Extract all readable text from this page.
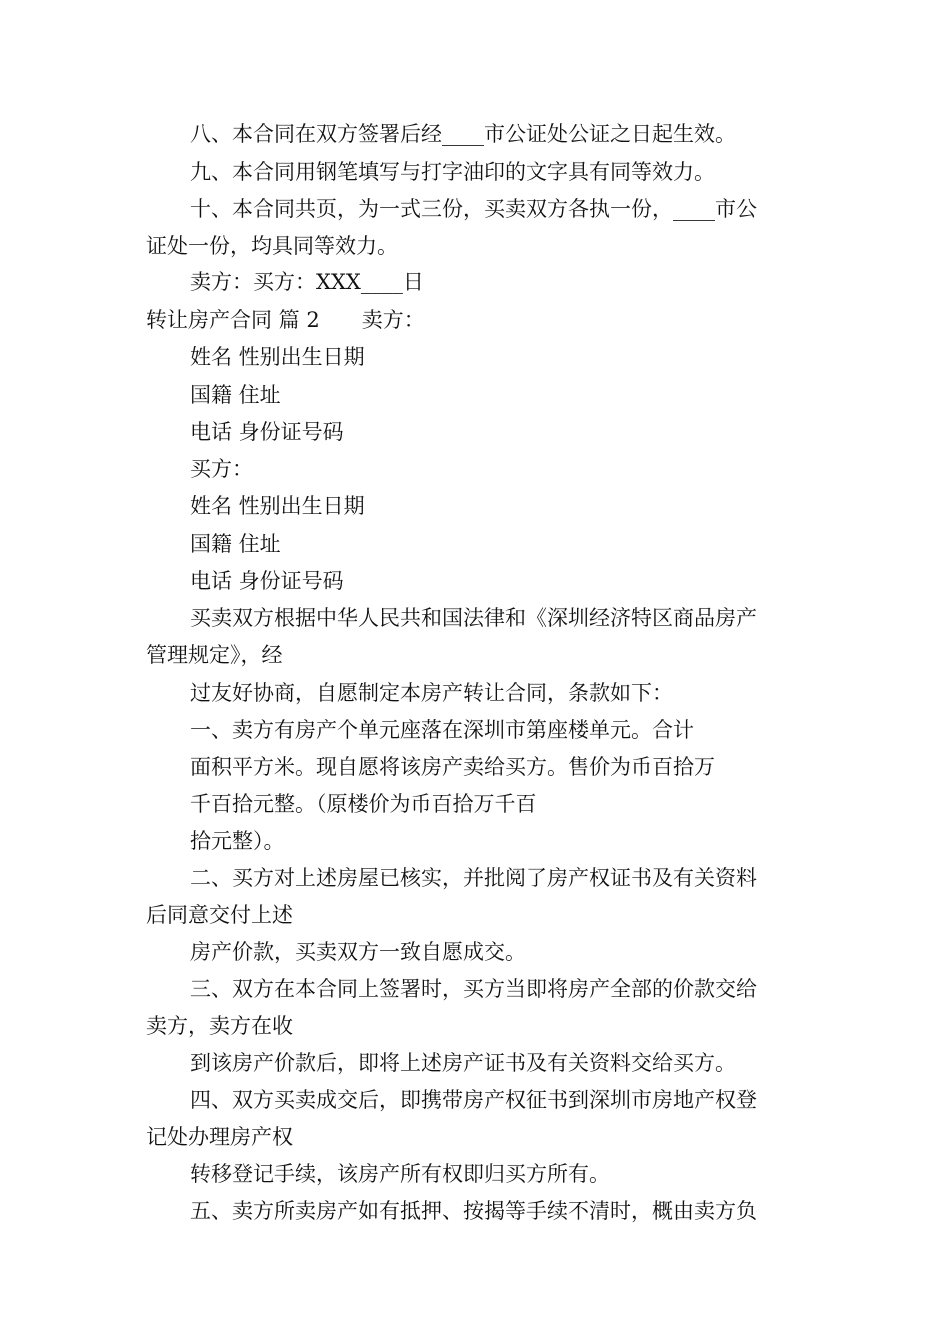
八、本合同在双方签署后经____市公证处公证之日起生效。
九、本合同用钢笔填写与打字油印的文字具有同等效力。
十、本合同共页，为一式三份，买卖双方各执一份，____市公
证处一份，均具同等效力。
卖方：买方：XXX____日
转让房产合同 篇 2　　卖方：
姓名 性别出生日期
国籍 住址
电话 身份证号码
买方：
姓名 性别出生日期
国籍 住址
电话 身份证号码
买卖双方根据中华人民共和国法律和《深圳经济特区商品房产
管理规定》，经
过友好协商，自愿制定本房产转让合同，条款如下：
一、卖方有房产个单元座落在深圳市第座楼单元。合计
面积平方米。现自愿将该房产卖给买方。售价为币百拾万
千百拾元整。（原楼价为币百拾万千百
拾元整）。
二、买方对上述房屋已核实，并批阅了房产权证书及有关资料
后同意交付上述
房产价款，买卖双方一致自愿成交。
三、双方在本合同上签署时，买方当即将房产全部的价款交给
卖方，卖方在收
到该房产价款后，即将上述房产证书及有关资料交给买方。
四、双方买卖成交后，即携带房产权征书到深圳市房地产权登
记处办理房产权
转移登记手续，该房产所有权即归买方所有。
五、卖方所卖房产如有抵押、按揭等手续不清时，概由卖方负
